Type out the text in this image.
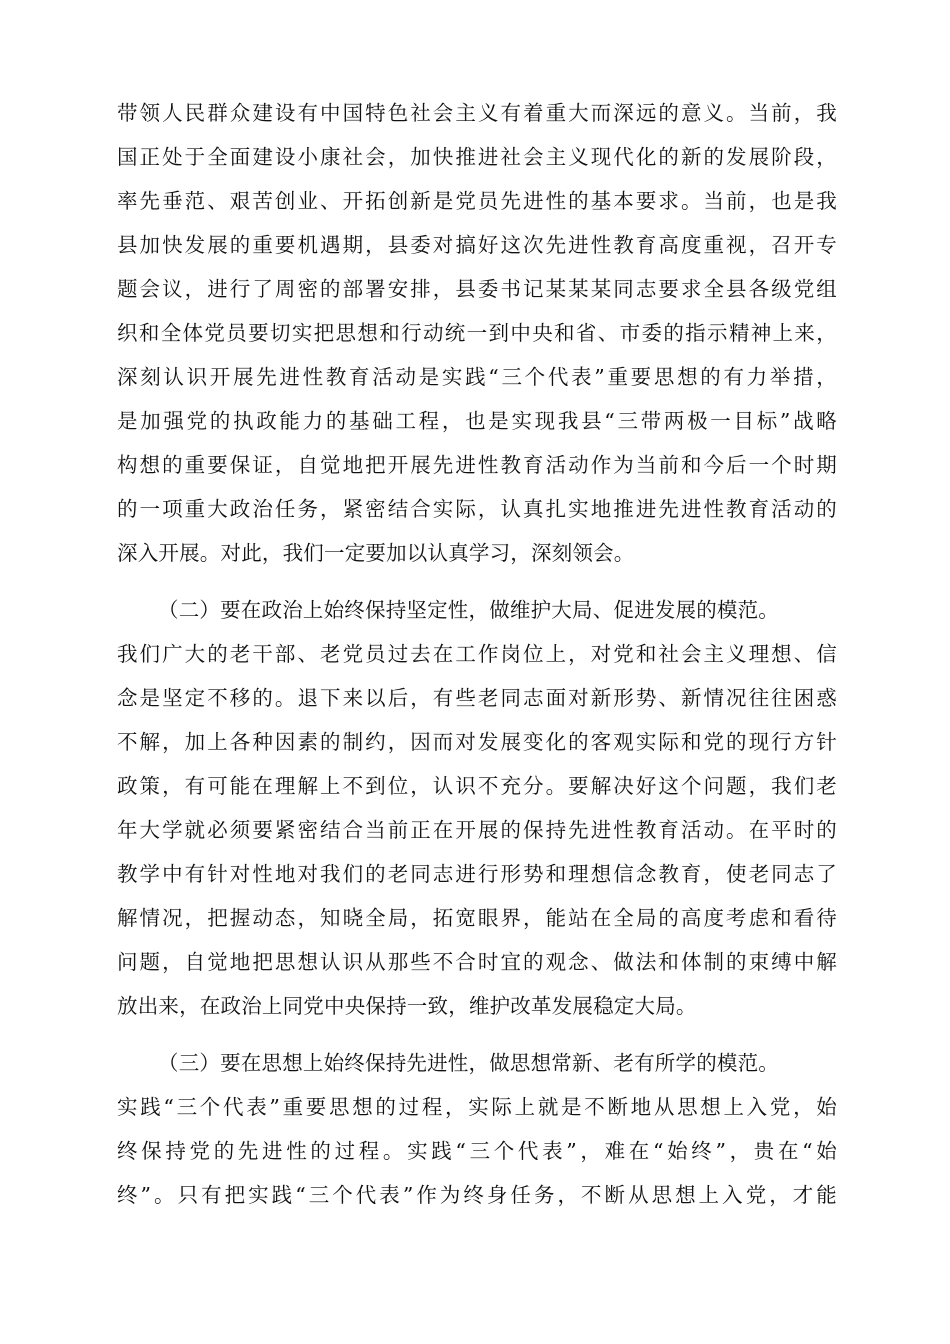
带领人民群众建设有中国特色社会主义有着重大而深远的意义。当前，我
国正处于全面建设小康社会，加快推进社会主义现代化的新的发展阶段，
率先垂范、艰苦创业、开拓创新是党员先进性的基本要求。当前，也是我
县加快发展的重要机遇期，县委对搞好这次先进性教育高度重视，召开专
题会议，进行了周密的部署安排，县委书记某某某同志要求全县各级党组
织和全体党员要切实把思想和行动统一到中央和省、市委的指示精神上来，
深刻认识开展先进性教育活动是实践“三个代表”重要思想的有力举措，
是加强党的执政能力的基础工程，也是实现我县“三带两极一目标”战略
构想的重要保证，自觉地把开展先进性教育活动作为当前和今后一个时期
的一项重大政治任务，紧密结合实际，认真扎实地推进先进性教育活动的
深入开展。对此，我们一定要加以认真学习，深刻领会。
（二）要在政治上始终保持坚定性，做维护大局、促进发展的模范。
我们广大的老干部、老党员过去在工作岗位上，对党和社会主义理想、信
念是坚定不移的。退下来以后，有些老同志面对新形势、新情况往往困惑
不解，加上各种因素的制约，因而对发展变化的客观实际和党的现行方针
政策，有可能在理解上不到位，认识不充分。要解决好这个问题，我们老
年大学就必须要紧密结合当前正在开展的保持先进性教育活动。在平时的
教学中有针对性地对我们的老同志进行形势和理想信念教育，使老同志了
解情况，把握动态，知晓全局，拓宽眼界，能站在全局的高度考虑和看待
问题，自觉地把思想认识从那些不合时宜的观念、做法和体制的束缚中解
放出来，在政治上同党中央保持一致，维护改革发展稳定大局。
（三）要在思想上始终保持先进性，做思想常新、老有所学的模范。
实践“三个代表”重要思想的过程，实际上就是不断地从思想上入党，始
终保持党的先进性的过程。实践“三个代表”，难在“始终”，贵在“始
终”。只有把实践“三个代表”作为终身任务，不断从思想上入党，才能
